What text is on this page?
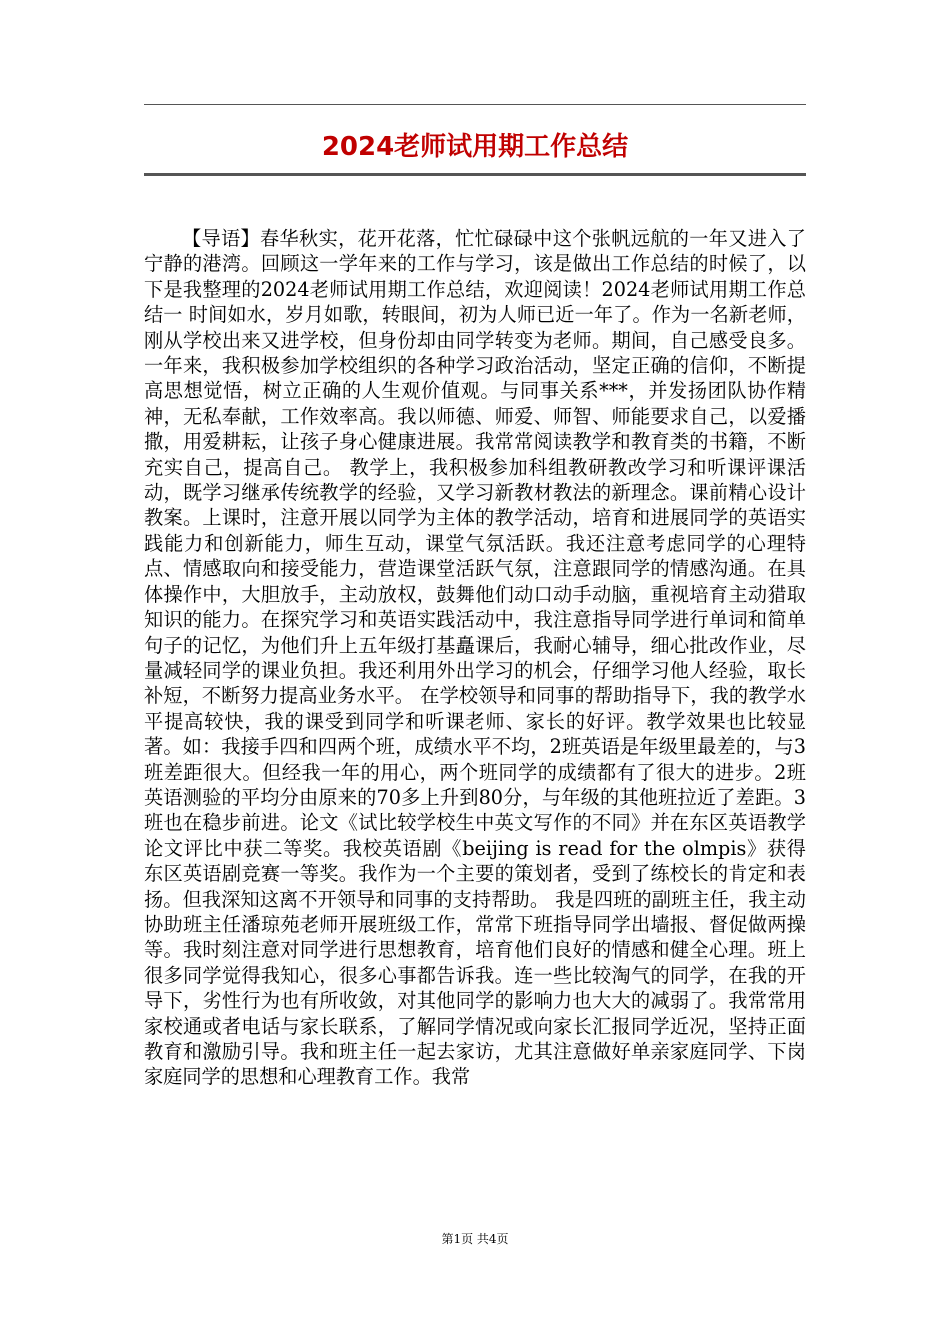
2024老师试用期工作总结

【导语】春华秋实，花开花落，忙忙碌碌中这个张帆远航的一年又进入了宁静的港湾。回顾这一学年来的工作与学习，该是做出工作总结的时候了，以下是我整理的2024老师试用期工作总结，欢迎阅读！2024老师试用期工作总结一 时间如水，岁月如歌，转眼间，初为人师已近一年了。作为一名新老师，刚从学校出来又进学校，但身份却由同学转变为老师。期间，自己感受良多。 一年来，我积极参加学校组织的各种学习政治活动，坚定正确的信仰，不断提高思想觉悟，树立正确的人生观价值观。与同事关系***，并发扬团队协作精神，无私奉献，工作效率高。我以师德、师爱、师智、师能要求自己，以爱播撒，用爱耕耘，让孩子身心健康进展。我常常阅读教学和教育类的书籍，不断充实自己，提高自己。 教学上，我积极参加科组教研教改学习和听课评课活动，既学习继承传统教学的经验，又学习新教材教法的新理念。课前精心设计教案。上课时，注意开展以同学为主体的教学活动，培育和进展同学的英语实践能力和创新能力，师生互动，课堂气氛活跃。我还注意考虑同学的心理特点、情感取向和接受能力，营造课堂活跃气氛，注意跟同学的情感沟通。在具体操作中，大胆放手，主动放权，鼓舞他们动口动手动脑，重视培育主动猎取知识的能力。在探究学习和英语实践活动中，我注意指导同学进行单词和简单句子的记忆，为他们升上五年级打基矗课后，我耐心辅导，细心批改作业，尽量减轻同学的课业负担。我还利用外出学习的机会，仔细学习他人经验，取长补短，不断努力提高业务水平。 在学校领导和同事的帮助指导下，我的教学水平提高较快，我的课受到同学和听课老师、家长的好评。教学效果也比较显著。如：我接手四和四两个班，成绩水平不均，2班英语是年级里最差的，与3班差距很大。但经我一年的用心，两个班同学的成绩都有了很大的进步。2班英语测验的平均分由原来的70多上升到80分，与年级的其他班拉近了差距。3班也在稳步前进。论文《试比较学校生中英文写作的不同》并在东区英语教学论文评比中获二等奖。我校英语剧《beijing is read for the olmpis》获得东区英语剧竞赛一等奖。我作为一个主要的策划者，受到了练校长的肯定和表扬。但我深知这离不开领导和同事的支持帮助。 我是四班的副班主任，我主动协助班主任潘琼苑老师开展班级工作，常常下班指导同学出墙报、督促做两操等。我时刻注意对同学进行思想教育，培育他们良好的情感和健全心理。班上很多同学觉得我知心，很多心事都告诉我。连一些比较淘气的同学，在我的开导下，劣性行为也有所收敛，对其他同学的影响力也大大的减弱了。我常常用家校通或者电话与家长联系，了解同学情况或向家长汇报同学近况，坚持正面教育和激励引导。我和班主任一起去家访，尤其注意做好单亲家庭同学、下岗家庭同学的思想和心理教育工作。我常

第1页 共4页
